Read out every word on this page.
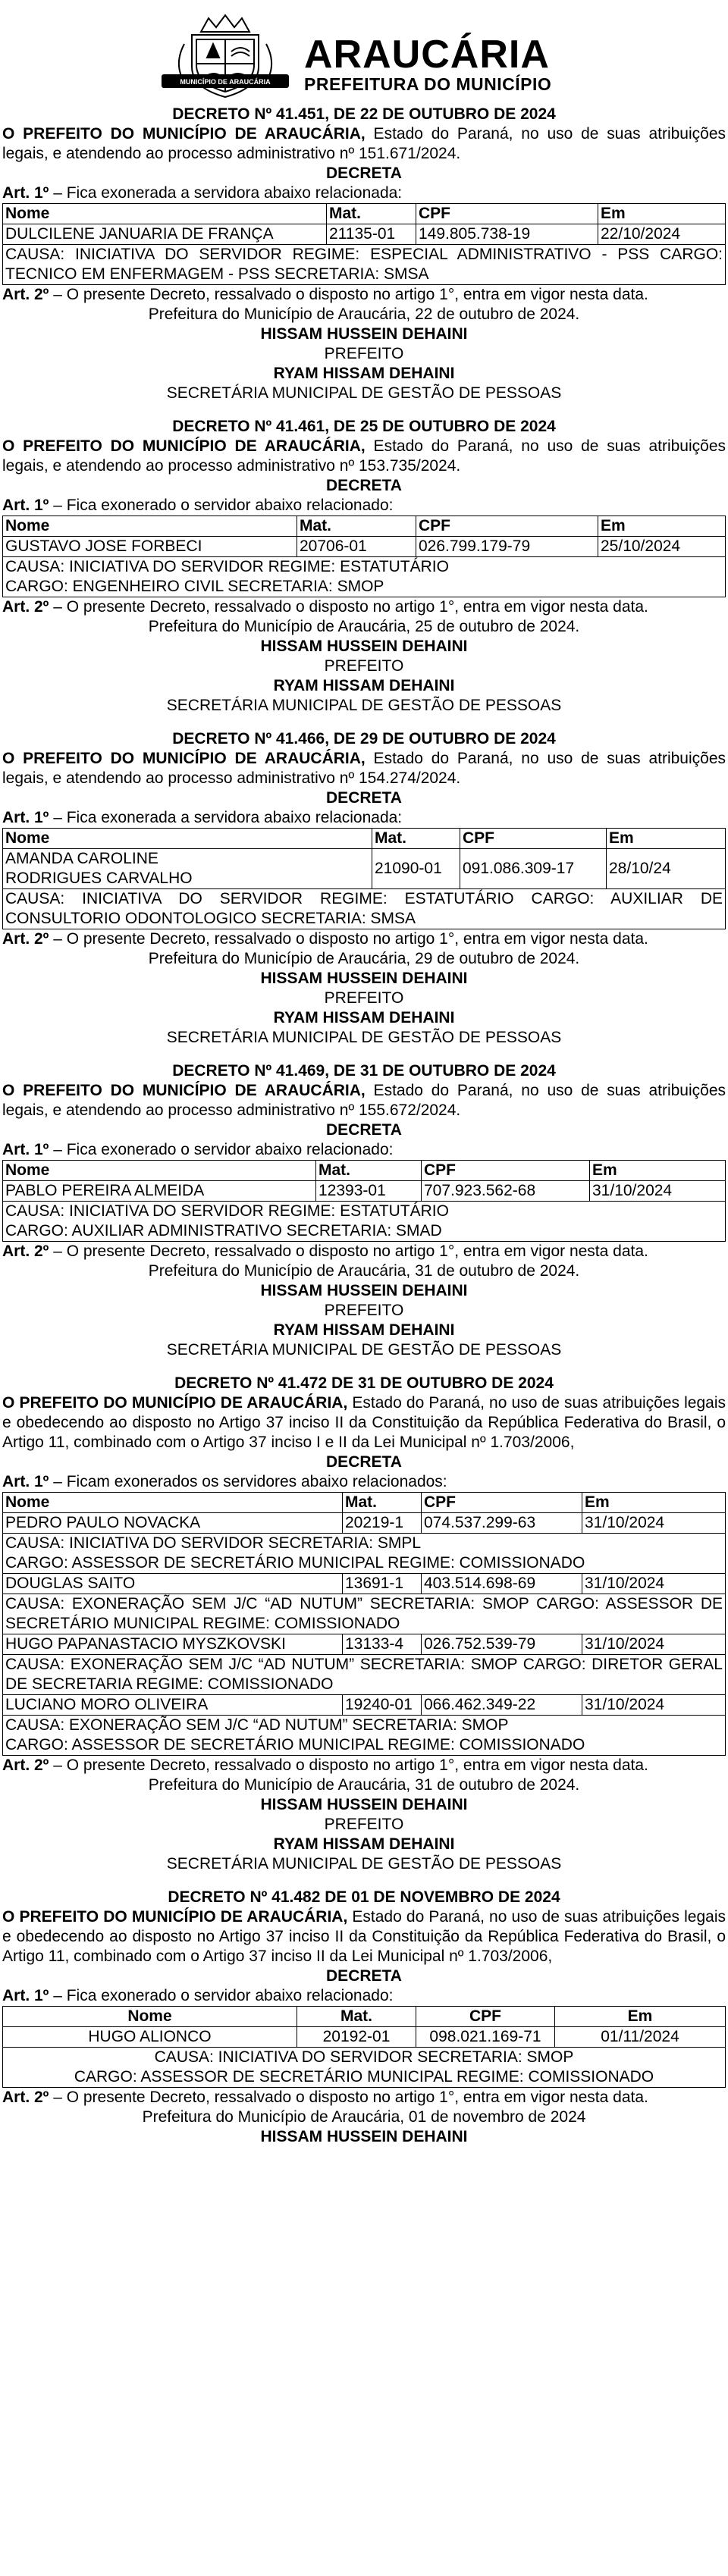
MUNICÍPIO DE ARAUCÁRIA
ARAUCÁRIA
PREFEITURA DO MUNICÍPIO

DECRETO Nº 41.451, DE 22 DE OUTUBRO DE 2024

O PREFEITO DO MUNICÍPIO DE ARAUCÁRIA, Estado do Paraná, no uso de suas atribuições legais, e atendendo ao processo administrativo nº 151.671/2024.

DECRETA

Art. 1º – Fica exonerada a servidora abaixo relacionada:

Nome	Mat.	CPF	Em
DULCILENE JANUARIA DE FRANÇA	21135-01	149.805.738-19	22/10/2024
CAUSA: INICIATIVA DO SERVIDOR REGIME: ESPECIAL ADMINISTRATIVO - PSS CARGO: TECNICO EM ENFERMAGEM - PSS SECRETARIA: SMSA			

Art. 2º – O presente Decreto, ressalvado o disposto no artigo 1°, entra em vigor nesta data.

Prefeitura do Município de Araucária, 22 de outubro de 2024.

HISSAM HUSSEIN DEHAINI

PREFEITO

RYAM HISSAM DEHAINI

SECRETÁRIA MUNICIPAL DE GESTÃO DE PESSOAS

DECRETO Nº 41.461, DE 25 DE OUTUBRO DE 2024

O PREFEITO DO MUNICÍPIO DE ARAUCÁRIA, Estado do Paraná, no uso de suas atribuições legais, e atendendo ao processo administrativo nº 153.735/2024.

DECRETA

Art. 1º – Fica exonerado o servidor abaixo relacionado:

Nome	Mat.	CPF	Em
GUSTAVO JOSE FORBECI	20706-01	026.799.179-79	25/10/2024
CAUSA: INICIATIVA DO SERVIDOR REGIME: ESTATUTÁRIO
CARGO: ENGENHEIRO CIVIL SECRETARIA: SMOP			

Art. 2º – O presente Decreto, ressalvado o disposto no artigo 1°, entra em vigor nesta data.

Prefeitura do Município de Araucária, 25 de outubro de 2024.

HISSAM HUSSEIN DEHAINI

PREFEITO

RYAM HISSAM DEHAINI

SECRETÁRIA MUNICIPAL DE GESTÃO DE PESSOAS

DECRETO Nº 41.466, DE 29 DE OUTUBRO DE 2024

O PREFEITO DO MUNICÍPIO DE ARAUCÁRIA, Estado do Paraná, no uso de suas atribuições legais, e atendendo ao processo administrativo nº 154.274/2024.

DECRETA

Art. 1º – Fica exonerada a servidora abaixo relacionada:

Nome	Mat.	CPF	Em

AMANDA CAROLINE RODRIGUES CARVALHO	21090-01	091.086.309-17	28/10/24
CAUSA: INICIATIVA DO SERVIDOR REGIME: ESTATUTÁRIO CARGO: AUXILIAR DE CONSULTORIO ODONTOLOGICO SECRETARIA: SMSA			

Art. 2º – O presente Decreto, ressalvado o disposto no artigo 1°, entra em vigor nesta data.

Prefeitura do Município de Araucária, 29 de outubro de 2024.

HISSAM HUSSEIN DEHAINI

PREFEITO

RYAM HISSAM DEHAINI

SECRETÁRIA MUNICIPAL DE GESTÃO DE PESSOAS

DECRETO Nº 41.469, DE 31 DE OUTUBRO DE 2024

O PREFEITO DO MUNICÍPIO DE ARAUCÁRIA, Estado do Paraná, no uso de suas atribuições legais, e atendendo ao processo administrativo nº 155.672/2024.

DECRETA

Art. 1º – Fica exonerado o servidor abaixo relacionado:

Nome	Mat.	CPF	Em
PABLO PEREIRA ALMEIDA	12393-01	707.923.562-68	31/10/2024
CAUSA: INICIATIVA DO SERVIDOR REGIME: ESTATUTÁRIO
CARGO: AUXILIAR ADMINISTRATIVO SECRETARIA: SMAD			

Art. 2º – O presente Decreto, ressalvado o disposto no artigo 1°, entra em vigor nesta data.

Prefeitura do Município de Araucária, 31 de outubro de 2024.

HISSAM HUSSEIN DEHAINI

PREFEITO

RYAM HISSAM DEHAINI

SECRETÁRIA MUNICIPAL DE GESTÃO DE PESSOAS

DECRETO Nº 41.472 DE 31 DE OUTUBRO DE 2024

O PREFEITO DO MUNICÍPIO DE ARAUCÁRIA, Estado do Paraná, no uso de suas atribuições legais e obedecendo ao disposto no Artigo 37 inciso II da Constituição da República Federativa do Brasil, o Artigo 11, combinado com o Artigo 37 inciso I e II da Lei Municipal nº 1.703/2006,

DECRETA

Art. 1º – Ficam exonerados os servidores abaixo relacionados:

Nome	Mat.	CPF	Em
PEDRO PAULO NOVACKA	20219-1	074.537.299-63	31/10/2024
CAUSA: INICIATIVA DO SERVIDOR SECRETARIA: SMPL
CARGO: ASSESSOR DE SECRETÁRIO MUNICIPAL REGIME: COMISSIONADO			
DOUGLAS SAITO	13691-1	403.514.698-69	31/10/2024
CAUSA: EXONERAÇÃO SEM J/C “AD NUTUM” SECRETARIA: SMOP CARGO: ASSESSOR DE SECRETÁRIO MUNICIPAL REGIME: COMISSIONADO			
HUGO PAPANASTACIO MYSZKOVSKI	13133-4	026.752.539-79	31/10/2024
CAUSA: EXONERAÇÃO SEM J/C “AD NUTUM” SECRETARIA: SMOP CARGO: DIRETOR GERAL DE SECRETARIA REGIME: COMISSIONADO			
LUCIANO MORO OLIVEIRA	19240-01	066.462.349-22	31/10/2024
CAUSA: EXONERAÇÃO SEM J/C “AD NUTUM” SECRETARIA: SMOP
CARGO: ASSESSOR DE SECRETÁRIO MUNICIPAL REGIME: COMISSIONADO			

Art. 2º – O presente Decreto, ressalvado o disposto no artigo 1°, entra em vigor nesta data.

Prefeitura do Município de Araucária, 31 de outubro de 2024.

HISSAM HUSSEIN DEHAINI

PREFEITO

RYAM HISSAM DEHAINI

SECRETÁRIA MUNICIPAL DE GESTÃO DE PESSOAS

DECRETO Nº 41.482 DE 01 DE NOVEMBRO DE 2024

O PREFEITO DO MUNICÍPIO DE ARAUCÁRIA, Estado do Paraná, no uso de suas atribuições legais e obedecendo ao disposto no Artigo 37 inciso II da Constituição da República Federativa do Brasil, o Artigo 11, combinado com o Artigo 37 inciso II da Lei Municipal nº 1.703/2006,

DECRETA

Art. 1º – Fica exonerado o servidor abaixo relacionado:

Nome	Mat.	CPF	Em
HUGO ALIONCO	20192-01	098.021.169-71	01/11/2024
CAUSA: INICIATIVA DO SERVIDOR SECRETARIA: SMOP
CARGO: ASSESSOR DE SECRETÁRIO MUNICIPAL REGIME: COMISSIONADO			

Art. 2º – O presente Decreto, ressalvado o disposto no artigo 1°, entra em vigor nesta data.

Prefeitura do Município de Araucária, 01 de novembro de 2024

HISSAM HUSSEIN DEHAINI
